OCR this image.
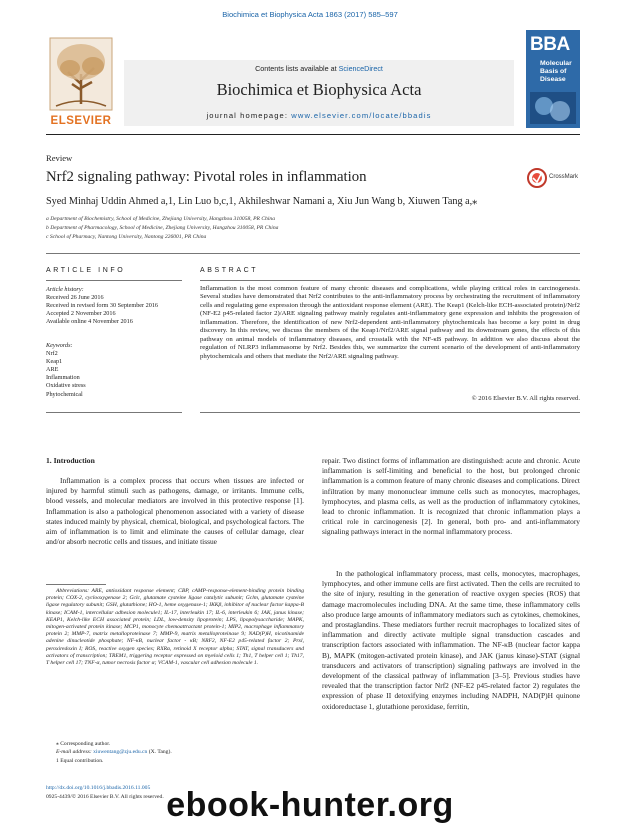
Biochimica et Biophysica Acta 1863 (2017) 585–597
ELSEVIER
Contents lists available at ScienceDirect
Biochimica et Biophysica Acta
journal homepage: www.elsevier.com/locate/bbadis
BBA
Molecular
Basis of
Disease
Review
Nrf2 signaling pathway: Pivotal roles in inflammation	CrossMark
Syed Minhaj Uddin Ahmed a,1, Lin Luo b,c,1, Akhileshwar Namani a, Xiu Jun Wang b, Xiuwen Tang a,⁎
a Department of Biochemistry, School of Medicine, Zhejiang University, Hangzhou 310058, PR China
b Department of Pharmacology, School of Medicine, Zhejiang University, Hangzhou 310058, PR China
c School of Pharmacy, Nantong University, Nantong 226001, PR China
ARTICLE INFO
Article history:
Received 26 June 2016
Received in revised form 30 September 2016
Accepted 2 November 2016
Available online 4 November 2016
Keywords:
Nrf2
Keap1
ARE
Inflammation
Oxidative stress
Phytochemical
ABSTRACT
Inflammation is the most common feature of many chronic diseases and complications, while playing critical roles in carcinogenesis. Several studies have demonstrated that Nrf2 contributes to the anti-inflammatory process by orchestrating the recruitment of inflammatory cells and regulating gene expression through the antioxidant response element (ARE). The Keap1 (Kelch-like ECH-associated protein)/Nrf2 (NF-E2 p45-related factor 2)/ARE signaling pathway mainly regulates anti-inflammatory gene expression and inhibits the progression of inflammation. Therefore, the identification of new Nrf2-dependent anti-inflammatory phytochemicals has become a key point in drug discovery. In this review, we discuss the members of the Keap1/Nrf2/ARE signal pathway and its downstream genes, the effects of this pathway on animal models of inflammatory diseases, and crosstalk with the NF-κB pathway. In addition we also discuss about the regulation of NLRP3 inflammasome by Nrf2. Besides this, we summarize the current scenario of the development of anti-inflammatory phytochemicals and others that mediate the Nrf2/ARE signaling pathway.
© 2016 Elsevier B.V. All rights reserved.
1. Introduction
Inflammation is a complex process that occurs when tissues are infected or injured by harmful stimuli such as pathogens, damage, or irritants. Immune cells, blood vessels, and molecular mediators are involved in this protective response [1]. Inflammation is also a pathological phenomenon associated with a variety of disease states induced mainly by physical, chemical, biological, and psychological factors. The aim of inflammation is to limit and eliminate the causes of cellular damage, clear and/or absorb necrotic cells and tissues, and initiate tissue
Abbreviations: ARE, antioxidant response element; CBP, cAMP-response-element-binding protein binding protein; COX-2, cyclooxygenase 2; Gclc, glutamate cysteine ligase catalytic subunit; Gclm, glutamate cysteine ligase regulatory subunit; GSH, glutathione; HO-1, heme oxygenase-1; IKKβ, inhibitor of nuclear factor kappa-B kinase; ICAM-1, intercellular adhesion molecule1; IL-17, interleukin 17; IL-6, interleukin 6; JAK, janus kinase; KEAP1, Kelch-like ECH associated protein; LDL, low-density lipoprotein; LPS, lipopolysaccharide; MAPK, mitogen-activated protein kinase; MCP1, monocyte chemoattractant protein-1; MIP2, macrophage inflammatory protein 2; MMP-7, matrix metalloproteinase 7; MMP-9, matrix metalloproteinase 9; NAD(P)H, nicotinamide adenine dinucleotide phosphate; NF-κB, nuclear factor - κB; NRF2, NF-E2 p45-related factor 2; Prxl, peroxiredoxin I; ROS, reactive oxygen species; RXRα, retinoid X receptor alpha; STAT, signal transducers and activators of transcription; TREM1, triggering receptor expressed on myeloid cells 1; Th1, T helper cell 1; Th17, T helper cell 17; TNF-α, tumor necrosis factor α; VCAM-1, vascular cell adhesion molecule 1.
⁎ Corresponding author.
E-mail address: xiuwentang@zju.edu.cn (X. Tang).
1 Equal contribution.
http://dx.doi.org/10.1016/j.bbadis.2016.11.005
0925-4439/© 2016 Elsevier B.V. All rights reserved.
repair. Two distinct forms of inflammation are distinguished: acute and chronic. Acute inflammation is self-limiting and beneficial to the host, but prolonged chronic inflammation is a common feature of many chronic diseases and complications. Direct infiltration by many mononuclear immune cells such as monocytes, macrophages, lymphocytes, and plasma cells, as well as the production of inflammatory cytokines, lead to chronic inflammation. It is recognized that chronic inflammation plays a critical role in carcinogenesis [2]. In general, both pro- and anti-inflammatory signaling pathways interact in the normal inflammatory process.
In the pathological inflammatory process, mast cells, monocytes, macrophages, lymphocytes, and other immune cells are first activated. Then the cells are recruited to the site of injury, resulting in the generation of reactive oxygen species (ROS) that damage macromolecules including DNA. At the same time, these inflammatory cells also produce large amounts of inflammatory mediators such as cytokines, chemokines, and prostaglandins. These mediators further recruit macrophages to localized sites of inflammation and directly activate multiple signal transduction cascades and transcription factors associated with inflammation. The NF-κB (nuclear factor kappa B), MAPK (mitogen-activated protein kinase), and JAK (janus kinase)-STAT (signal transducers and activators of transcription) signaling pathways are involved in the development of the classical pathway of inflammation [3–5]. Previous studies have revealed that the transcription factor Nrf2 (NF-E2 p45-related factor 2) regulates the expression of phase II detoxifying enzymes including NADPH, NAD(P)H quinone oxidoreductase 1, glutathione peroxidase, ferritin,
ebook-hunter.org
